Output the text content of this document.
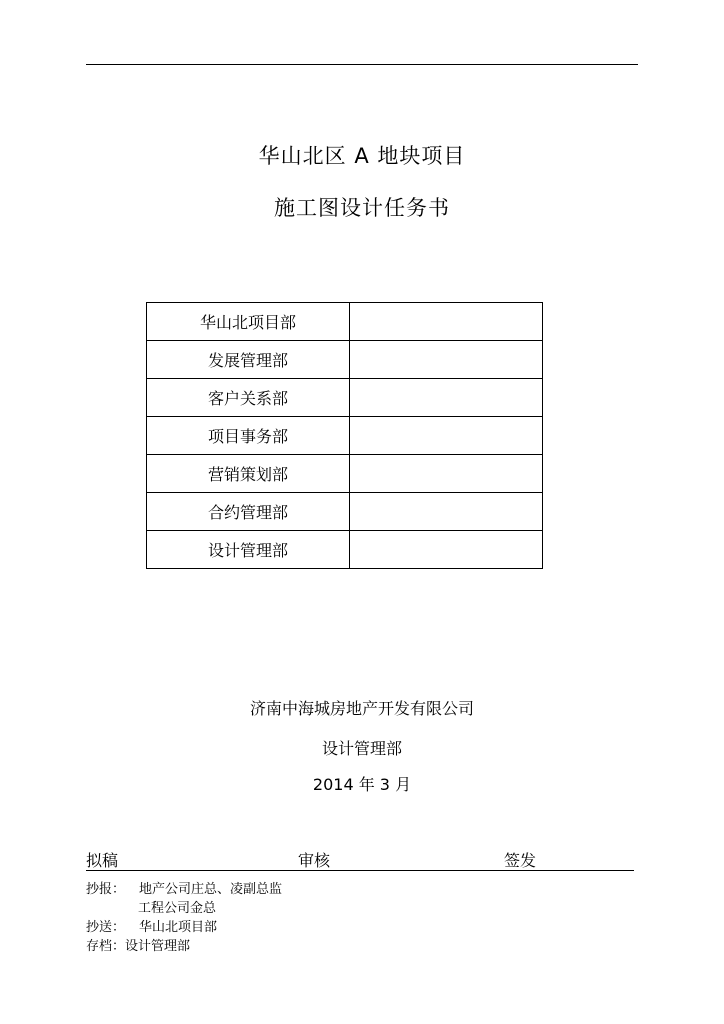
华山北区 A 地块项目
施工图设计任务书
华山北项目部	
发展管理部	
客户关系部	
项目事务部	
营销策划部	
合约管理部	
设计管理部	
济南中海城房地产开发有限公司
设计管理部
2014 年 3 月
拟稿	审核	签发
抄报： 地产公司庄总、凌副总监
工程公司金总
抄送： 华山北项目部
存档：设计管理部
